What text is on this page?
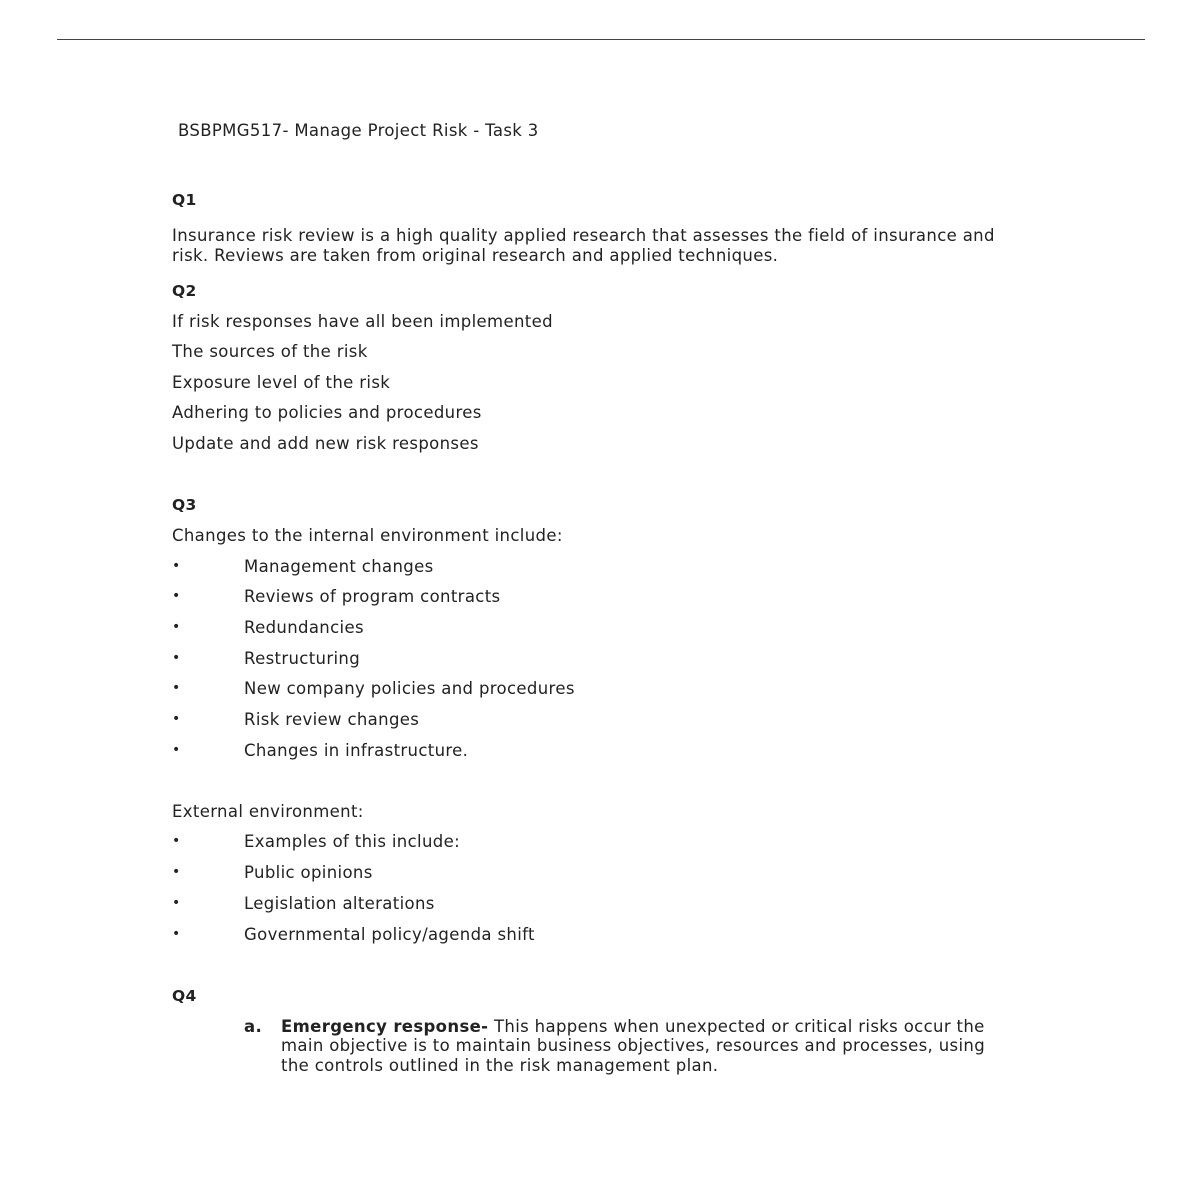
BSBPMG517- Manage Project Risk - Task 3
Q1
Insurance risk review is a high quality applied research that assesses the field of insurance and risk. Reviews are taken from original research and applied techniques.
Q2
If risk responses have all been implemented
The sources of the risk
Exposure level of the risk
Adhering to policies and procedures
Update and add new risk responses
Q3
Changes to the internal environment include:
•	Management changes
•	Reviews of program contracts
•	Redundancies
•	Restructuring
•	New company policies and procedures
•	Risk review changes
•	Changes in infrastructure.
External environment:
•	Examples of this include:
•	Public opinions
•	Legislation alterations
•	Governmental policy/agenda shift
Q4
a. Emergency response- This happens when unexpected or critical risks occur the main objective is to maintain business objectives, resources and processes, using the controls outlined in the risk management plan.
